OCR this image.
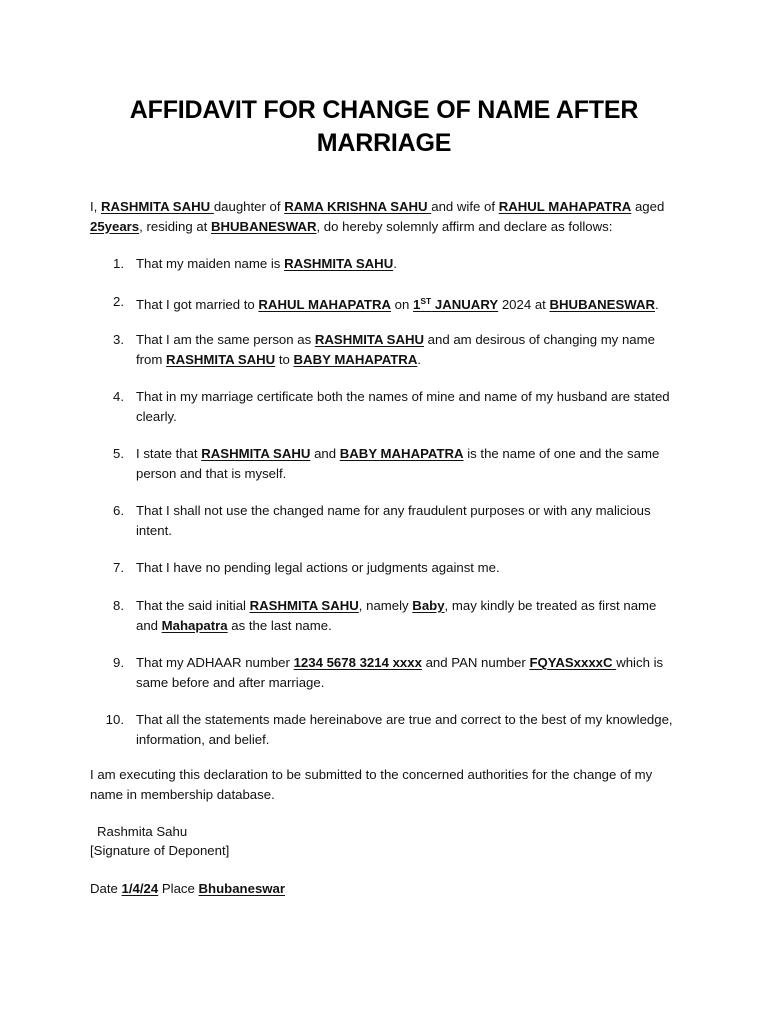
AFFIDAVIT FOR CHANGE OF NAME AFTER
MARRIAGE
I, RASHMITA SAHU daughter of RAMA KRISHNA SAHU and wife of RAHUL MAHAPATRA aged 25years, residing at BHUBANESWAR, do hereby solemnly affirm and declare as follows:
1. That my maiden name is RASHMITA SAHU.
2. That I got married to RAHUL MAHAPATRA on 1ST JANUARY 2024 at BHUBANESWAR.
3. That I am the same person as RASHMITA SAHU and am desirous of changing my name from RASHMITA SAHU to BABY MAHAPATRA.
4. That in my marriage certificate both the names of mine and name of my husband are stated clearly.
5. I state that RASHMITA SAHU and BABY MAHAPATRA is the name of one and the same person and that is myself.
6. That I shall not use the changed name for any fraudulent purposes or with any malicious intent.
7. That I have no pending legal actions or judgments against me.
8. That the said initial RASHMITA SAHU, namely Baby, may kindly be treated as first name and Mahapatra as the last name.
9. That my ADHAAR number 1234 5678 3214 xxxx and PAN number FQYASxxxxC which is same before and after marriage.
10. That all the statements made hereinabove are true and correct to the best of my knowledge, information, and belief.
I am executing this declaration to be submitted to the concerned authorities for the change of my name in membership database.
Rashmita Sahu
[Signature of Deponent]
Date 1/4/24 Place Bhubaneswar
